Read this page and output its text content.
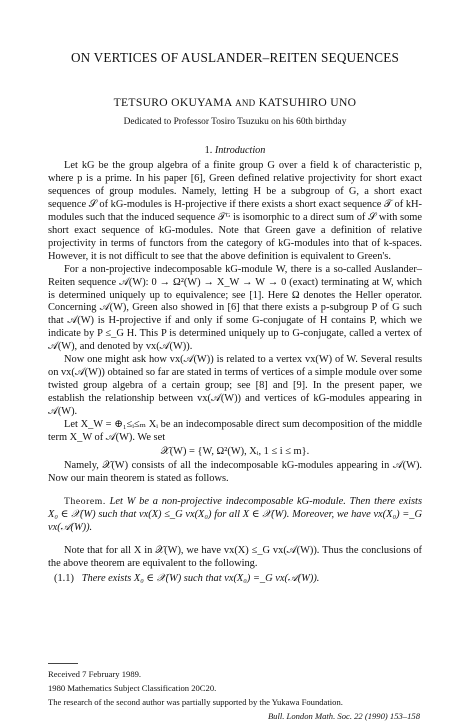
ON VERTICES OF AUSLANDER–REITEN SEQUENCES
TETSURO OKUYAMA AND KATSUHIRO UNO
Dedicated to Professor Tosiro Tsuzuku on his 60th birthday
1. Introduction

Let kG be the group algebra of a finite group G over a field k of characteristic p, where p is a prime. In his paper [6], Green defined relative projectivity for short exact sequences of group modules. Namely, letting H be a subgroup of G, a short exact sequence 𝒮 of kG-modules is H-projective if there exists a short exact sequence 𝒯 of kH-modules such that the induced sequence 𝒯ᴳ is isomorphic to a direct sum of 𝒮 with some short exact sequence of kG-modules. Note that Green gave a definition of relative projectivity in terms of functors from the category of kG-modules into that of k-spaces. However, it is not difficult to see that the above definition is equivalent to Green's.

For a non-projective indecomposable kG-module W, there is a so-called Auslander–Reiten sequence 𝒜(W): 0 → Ω²(W) → X_W → W → 0 (exact) terminating at W, which is determined uniquely up to equivalence; see [1]. Here Ω denotes the Heller operator. Concerning 𝒜(W), Green also showed in [6] that there exists a p-subgroup P of G such that 𝒜(W) is H-projective if and only if some G-conjugate of H contains P, which we indicate by P ≤_G H. This P is determined uniquely up to G-conjugate, called a vertex of 𝒜(W), and denoted by vx(𝒜(W)).

Now one might ask how vx(𝒜(W)) is related to a vertex vx(W) of W. Several results on vx(𝒜(W)) obtained so far are stated in terms of vertices of a simple module over some twisted group algebra of a certain group; see [8] and [9]. In the present paper, we establish the relationship between vx(𝒜(W)) and vertices of kG-modules appearing in 𝒜(W).

Let X_W = ⊕₁≤ᵢ≤ₘ Xᵢ be an indecomposable direct sum decomposition of the middle term X_W of 𝒜(W). We set

𝒳(W) = {W, Ω²(W), Xᵢ, 1 ≤ i ≤ m}.

Namely, 𝒳(W) consists of all the indecomposable kG-modules appearing in 𝒜(W). Now our main theorem is stated as follows.

Theorem. Let W be a non-projective indecomposable kG-module. Then there exists X₀ ∈ 𝒳(W) such that vx(X) ≤_G vx(X₀) for all X ∈ 𝒳(W). Moreover, we have vx(X₀) =_G vx(𝒜(W)).

Note that for all X in 𝒳(W), we have vx(X) ≤_G vx(𝒜(W)). Thus the conclusions of the above theorem are equivalent to the following.

(1.1) There exists X₀ ∈ 𝒳(W) such that vx(X₀) =_G vx(𝒜(W)).

Received 7 February 1989.
1980 Mathematics Subject Classification 20C20.
The research of the second author was partially supported by the Yukawa Foundation.
Bull. London Math. Soc. 22 (1990) 153–158
